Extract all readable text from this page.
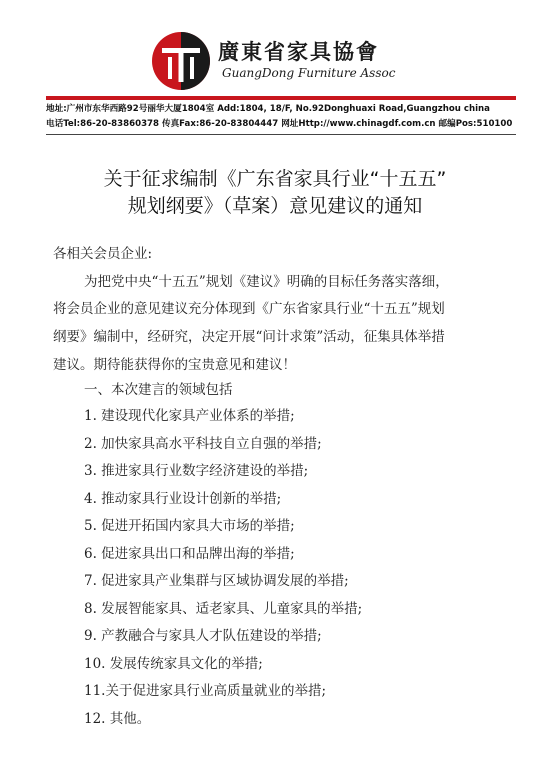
廣東省家具協會
GuangDong Furniture Assoc
地址:广州市东华西路92号丽华大厦1804室 Add:1804, 18/F, No.92Donghuaxi Road,Guangzhou china
电话Tel:86-20-83860378 传真Fax:86-20-83804447 网址Http://www.chinagdf.com.cn 邮编Pos:510100
关于征求编制《广东省家具行业“十五五”
规划纲要》（草案）意见建议的通知
各相关会员企业:
为把党中央“十五五”规划《建议》明确的目标任务落实落细，
将会员企业的意见建议充分体现到《广东省家具行业“十五五”规划
纲要》编制中，经研究，决定开展“问计求策”活动，征集具体举措
建议。期待能获得你的宝贵意见和建议！
一、本次建言的领域包括
1. 建设现代化家具产业体系的举措;
2. 加快家具高水平科技自立自强的举措;
3. 推进家具行业数字经济建设的举措;
4. 推动家具行业设计创新的举措;
5. 促进开拓国内家具大市场的举措;
6. 促进家具出口和品牌出海的举措;
7. 促进家具产业集群与区域协调发展的举措;
8. 发展智能家具、适老家具、儿童家具的举措;
9. 产教融合与家具人才队伍建设的举措;
10. 发展传统家具文化的举措;
11.关于促进家具行业高质量就业的举措;
12. 其他。
